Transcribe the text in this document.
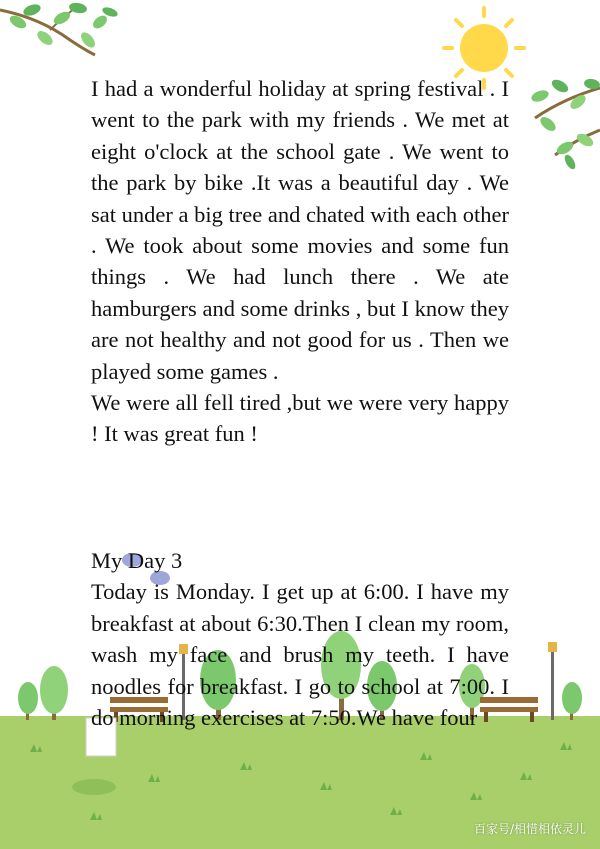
I had a wonderful holiday at spring festival . I went to the park with my friends . We met at eight o'clock at the school gate . We went to the park by bike .It was a beautiful day . We sat under a big tree and chated with each other . We took about some movies and some fun things . We had lunch there . We ate hamburgers and some drinks , but I know they are not healthy and not good for us . Then we played some games .

We were all fell tired ,but we were very happy ! It was great fun !

My Day 3

Today is Monday. I get up at 6:00. I have my breakfast at about 6:30.Then I clean my room, wash my face and brush my teeth. I have noodles for breakfast. I go to school at 7:00. I do morning exercises at 7:50.We have four

百家号/相惜相依灵儿
